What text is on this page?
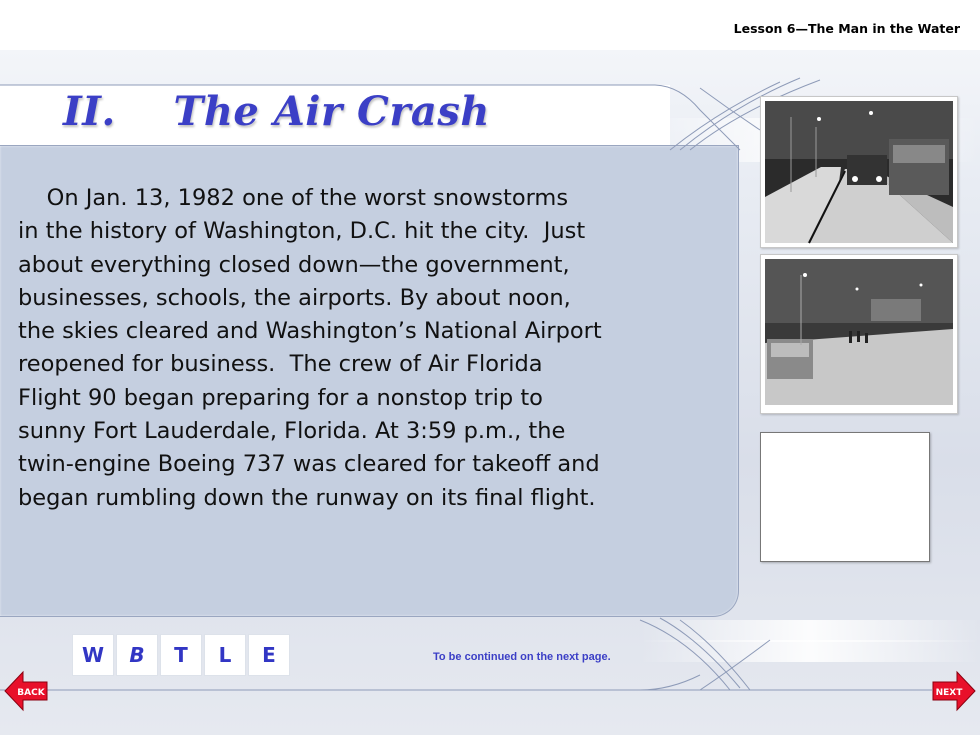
Lesson 6—The Man in the Water
II.    The Air Crash
On Jan. 13, 1982 one of the worst snowstorms
in the history of Washington, D.C. hit the city.  Just
about everything closed down—the government,
businesses, schools, the airports. By about noon,
the skies cleared and Washington’s National Airport
reopened for business.  The crew of Air Florida
Flight 90 began preparing for a nonstop trip to
sunny Fort Lauderdale, Florida. At 3:59 p.m., the
twin-engine Boeing 737 was cleared for takeoff and
began rumbling down the runway on its final flight.
W	B	T	L	E	To be continued on the next page.
BACK	NEXT
